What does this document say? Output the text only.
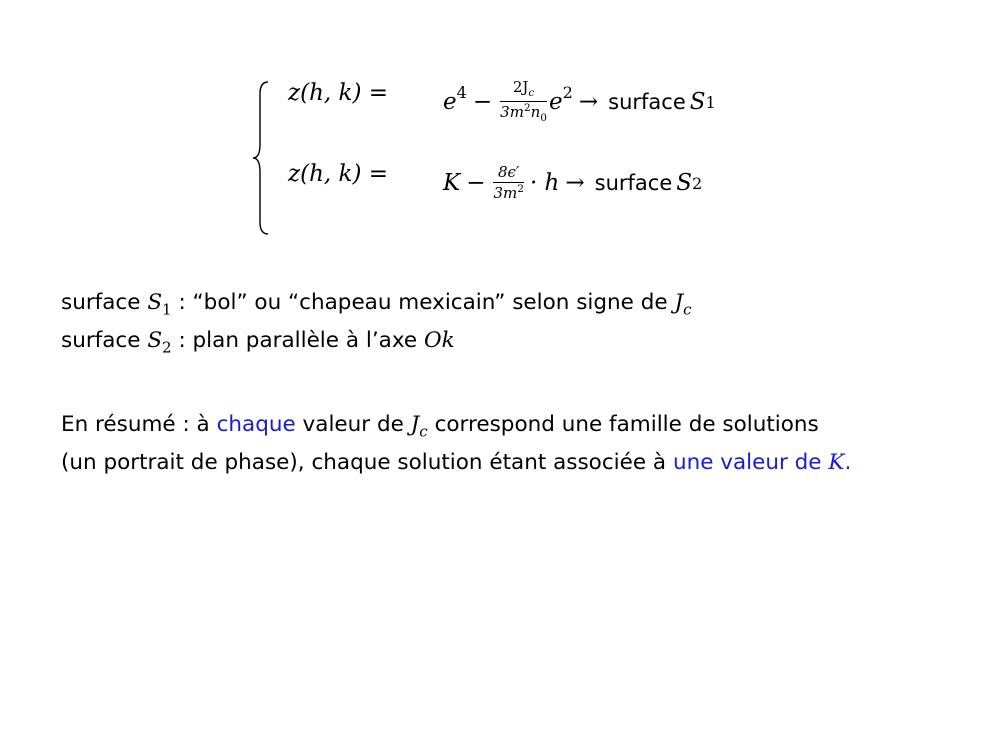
z(h, $k) = e^4 - \frac{2J_c}{3m^2n_0} e^2$ → surface S 1
z(h, $k) = K - \frac{8\epsilon'}{3m^2} \cdot h$ → surface S 2
surface $S_1$ : “bol” ou “chapeau mexicain” selon signe de $J_c$
surface $S_2$ : plan parallèle à l’axe Ok
En résumé : à chaque valeur de $J_c$ correspond une famille de solutions
(un portrait de phase), chaque solution étant associée à une valeur de K.
